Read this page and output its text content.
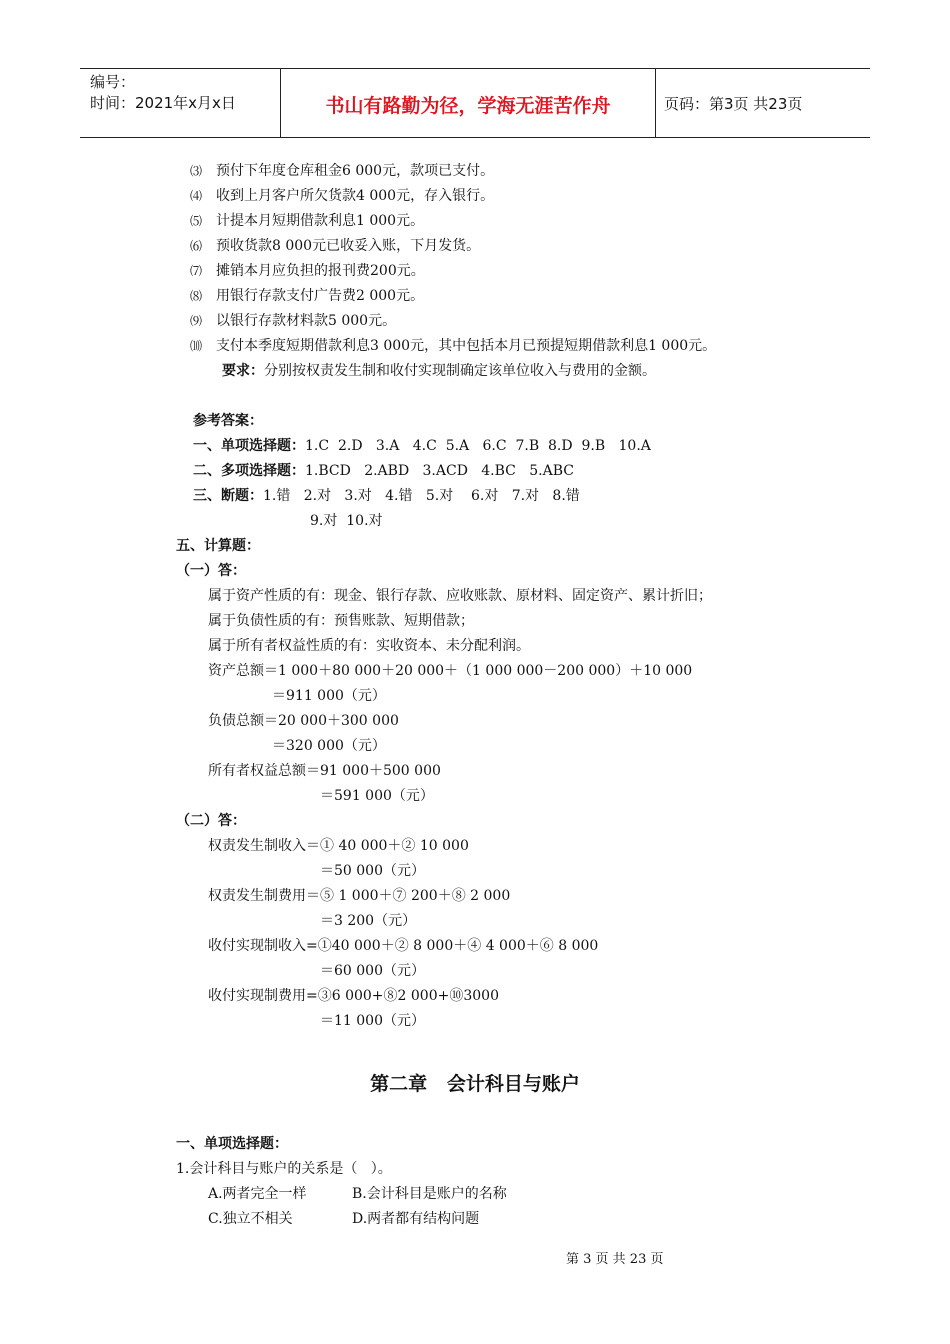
编号：
时间：2021年x月x日	书山有路勤为径，学海无涯苦作舟	页码：第3页 共23页
⑶ 预付下年度仓库租金6 000元，款项已支付。
⑷ 收到上月客户所欠货款4 000元，存入银行。
⑸ 计提本月短期借款利息1 000元。
⑹ 预收货款8 000元已收妥入账，下月发货。
⑺ 摊销本月应负担的报刊费200元。
⑻ 用银行存款支付广告费2 000元。
⑼ 以银行存款材料款5 000元。
⑽ 支付本季度短期借款利息3 000元，其中包括本月已预提短期借款利息1 000元。
要求：分别按权责发生制和收付实现制确定该单位收入与费用的金额。
参考答案：
一、单项选择题：1.C  2.D   3.A   4.C  5.A   6.C  7.B  8.D  9.B   10.A
二、多项选择题：1.BCD   2.ABD   3.ACD   4.BC   5.ABC
三、断题：1.错   2.对   3.对   4.错   5.对    6.对   7.对   8.错
9.对  10.对
五、计算题：
（一）答：
属于资产性质的有：现金、银行存款、应收账款、原材料、固定资产、累计折旧；
属于负债性质的有：预售账款、短期借款；
属于所有者权益性质的有：实收资本、未分配利润。
资产总额＝1 000＋80 000＋20 000＋（1 000 000－200 000）＋10 000
＝911 000（元）
负债总额＝20 000＋300 000
＝320 000（元）
所有者权益总额＝91 000＋500 000
＝591 000（元）
（二）答：
权责发生制收入＝① 40 000＋② 10 000
＝50 000（元）
权责发生制费用＝⑤ 1 000＋⑦ 200＋⑧ 2 000
＝3 200（元）
收付实现制收入=①40 000＋② 8 000＋④ 4 000＋⑥ 8 000
＝60 000（元）
收付实现制费用=③6 000+⑧2 000+⑩3000
＝11 000（元）
第二章   会计科目与账户
一、单项选择题：
1.会计科目与账户的关系是（   ）。
A.两者完全一样	B.会计科目是账户的名称
C.独立不相关	D.两者都有结构问题
第 3 页 共 23 页
